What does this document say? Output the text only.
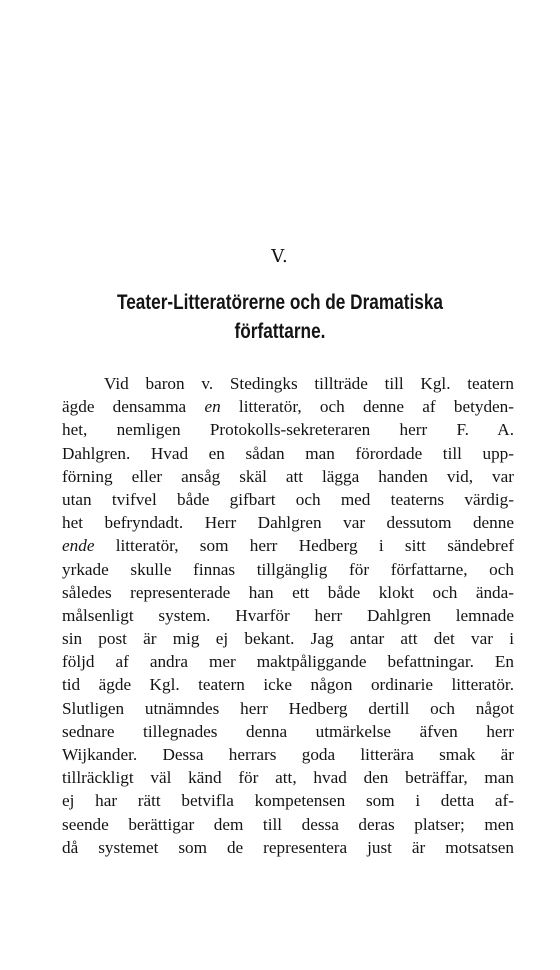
V.
Teater-Litteratörerne och de Dramatiska
författarne.
Vid baron v. Stedingks tillträde till Kgl. teatern
ägde densamma en litteratör, och denne af betyden-
het, nemligen Protokolls-sekreteraren herr F. A.
Dahlgren. Hvad en sådan man förordade till upp-
förning eller ansåg skäl att lägga handen vid, var
utan tvifvel både gifbart och med teaterns värdig-
het befryndadt. Herr Dahlgren var dessutom denne
ende litteratör, som herr Hedberg i sitt sändebref
yrkade skulle finnas tillgänglig för författarne, och
således representerade han ett både klokt och ända-
målsenligt system. Hvarför herr Dahlgren lemnade
sin post är mig ej bekant. Jag antar att det var i
följd af andra mer maktpåliggande befattningar. En
tid ägde Kgl. teatern icke någon ordinarie litteratör.
Slutligen utnämndes herr Hedberg dertill och något
sednare tillegnades denna utmärkelse äfven herr
Wijkander. Dessa herrars goda litterära smak är
tillräckligt väl känd för att, hvad den beträffar, man
ej har rätt betvifla kompetensen som i detta af-
seende berättigar dem till dessa deras platser; men
då systemet som de representera just är motsatsen
